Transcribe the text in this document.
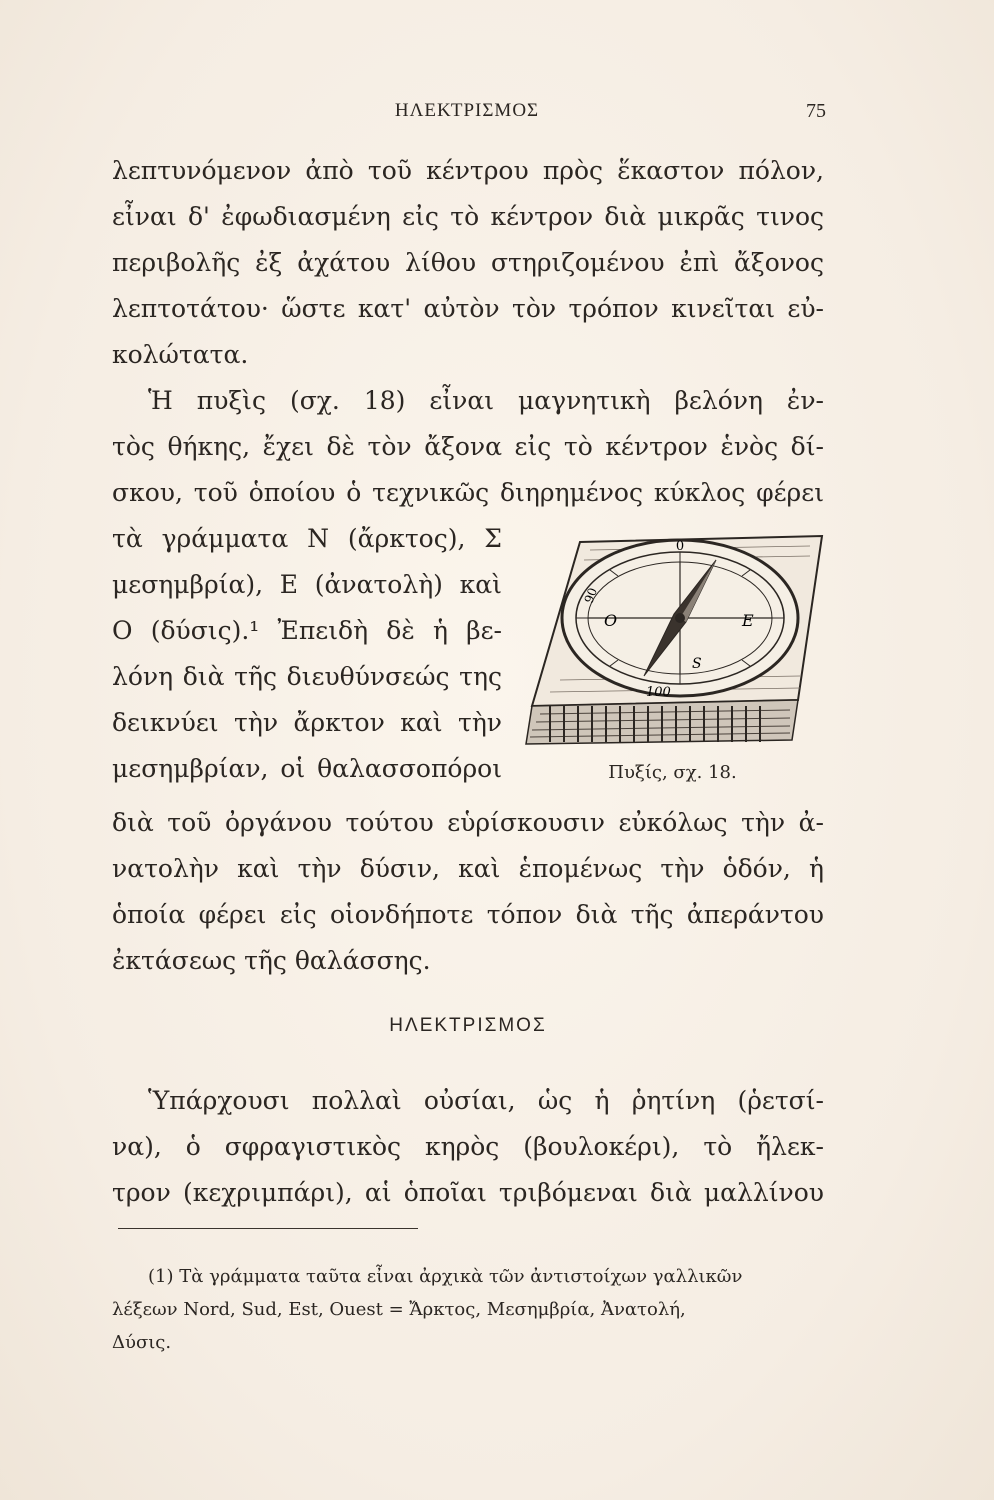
ΗΛΕΚΤΡΙΣΜΟΣ	75
λεπτυνόμενον ἀπὸ τοῦ κέντρου πρὸς ἕκαστον πόλον,
εἶναι δ' ἐφωδιασμένη εἰς τὸ κέντρον διὰ μικρᾶς τινος
περιβολῆς ἐξ ἀχάτου λίθου στηριζομένου ἐπὶ ἄξονος
λεπτοτάτου· ὥστε κατ' αὐτὸν τὸν τρόπον κινεῖται εὐ-
κολώτατα.
Ἡ πυξὶς (σχ. 18) εἶναι μαγνητικὴ βελόνη ἐν-
τὸς θήκης, ἔχει δὲ τὸν ἄξονα εἰς τὸ κέντρον ἑνὸς δί-
σκου, τοῦ ὁποίου ὁ τεχνικῶς διηρημένος κύκλος φέρει
τὰ γράμματα Ν (ἄρκτος), Σ
μεσημβρία), Ε (ἀνατολὴ) καὶ
Ο (δύσις).¹ Ἐπειδὴ δὲ ἡ βε-
λόνη διὰ τῆς διευθύνσεώς της
δεικνύει τὴν ἄρκτον καὶ τὴν
μεσημβρίαν, οἱ θαλασσοπόροι
0
90
O	E
S
100
Πυξίς, σχ. 18.
διὰ τοῦ ὀργάνου τούτου εὑρίσκουσιν εὐκόλως τὴν ἀ-
νατολὴν καὶ τὴν δύσιν, καὶ ἑπομένως τὴν ὁδόν, ἡ
ὁποία φέρει εἰς οἱονδήποτε τόπον διὰ τῆς ἀπεράντου
ἐκτάσεως τῆς θαλάσσης.
ΗΛΕΚΤΡΙΣΜΟΣ
Ὑπάρχουσι πολλαὶ οὐσίαι, ὡς ἡ ῥητίνη (ῥετσί-
να), ὁ σφραγιστικὸς κηρὸς (βουλοκέρι), τὸ ἤλεκ-
τρον (κεχριμπάρι), αἱ ὁποῖαι τριβόμεναι διὰ μαλλίνου
(1) Τὰ γράμματα ταῦτα εἶναι ἀρχικὰ τῶν ἀντιστοίχων γαλλικῶν
λέξεων Nord, Sud, Est, Ouest = Ἄρκτος, Μεσημβρία, Ἀνατολή,
Δύσις.
